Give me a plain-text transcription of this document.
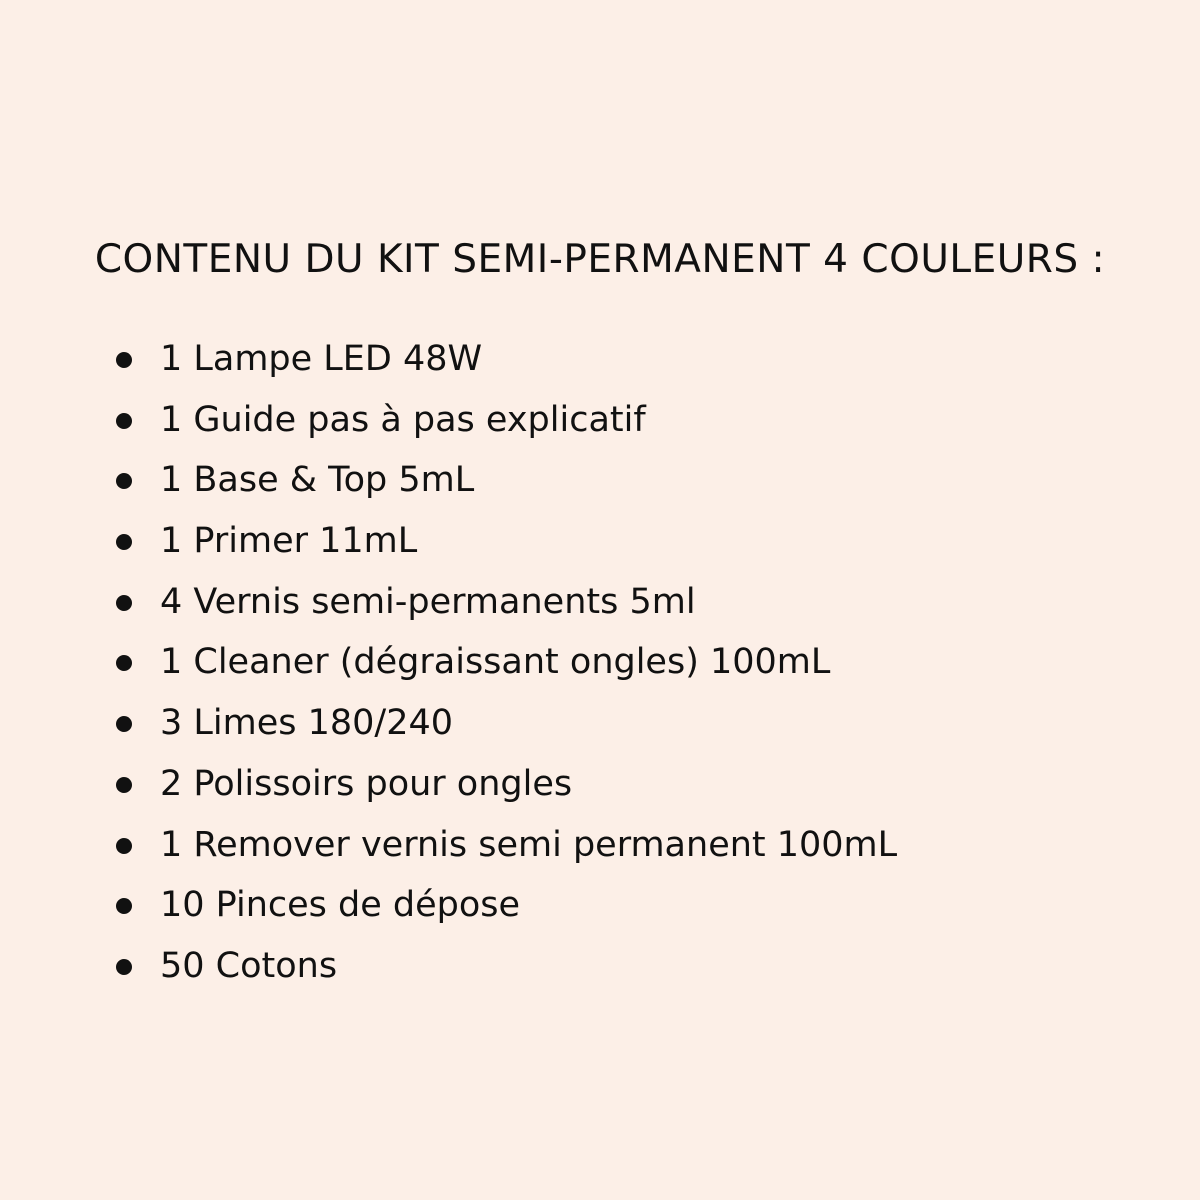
CONTENU DU KIT SEMI-PERMANENT 4 COULEURS :
1 Lampe LED 48W
1 Guide pas à pas explicatif
1 Base & Top 5mL
1 Primer 11mL
4 Vernis semi-permanents 5ml
1 Cleaner (dégraissant ongles) 100mL
3 Limes 180/240
2 Polissoirs pour ongles
1 Remover vernis semi permanent 100mL
10 Pinces de dépose
50 Cotons
